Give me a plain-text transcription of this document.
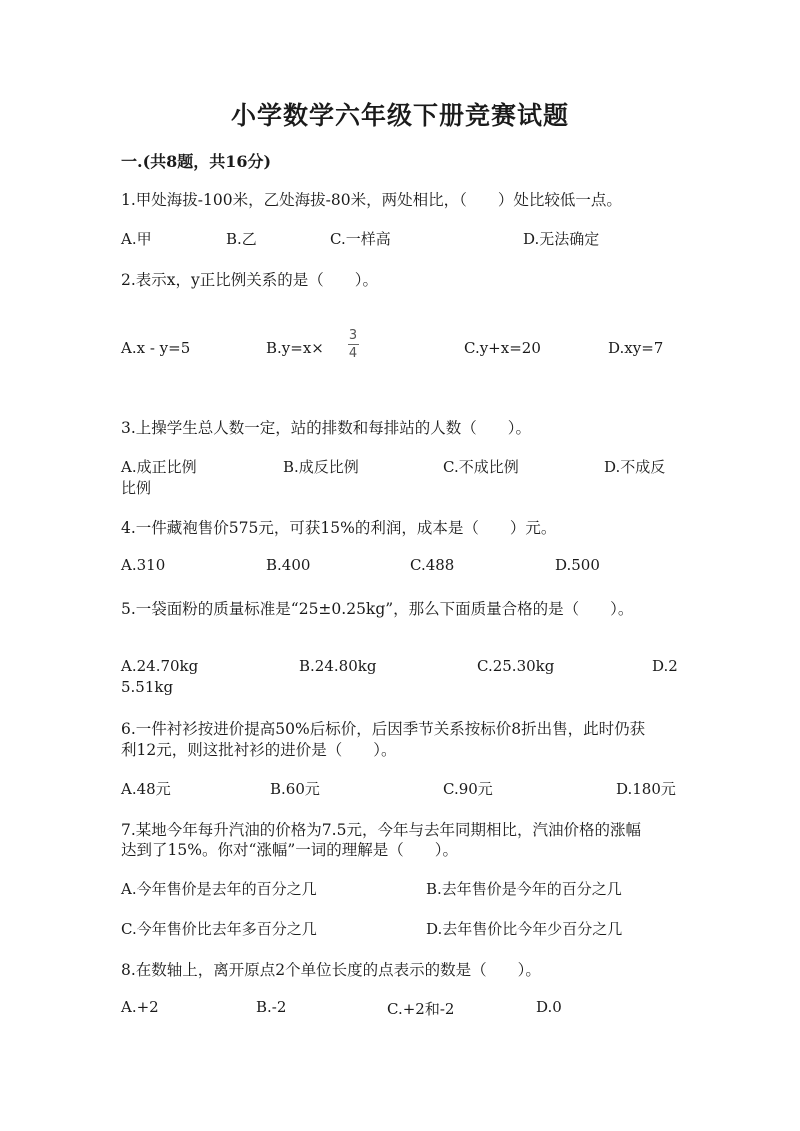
小学数学六年级下册竞赛试题
一.(共8题，共16分)
1.甲处海拔-100米，乙处海拔-80米，两处相比，（　　）处比较低一点。
A.甲	B.乙	C.一样高	D.无法确定
2.表示x，y正比例关系的是（　　）。
A.x - y=5	B.y=x×
3
4	C.y+x=20	D.xy=7
3.上操学生总人数一定，站的排数和每排站的人数（　　）。
A.成正比例	B.成反比例	C.不成比例	D.不成反
比例
4.一件藏袍售价575元，可获15%的利润，成本是（　　）元。
A.310	B.400	C.488	D.500
5.一袋面粉的质量标准是“25±0.25kg”，那么下面质量合格的是（　　）。
A.24.70kg	B.24.80kg	C.25.30kg	D.2
5.51kg
6.一件衬衫按进价提高50%后标价，后因季节关系按标价8折出售，此时仍获
利12元，则这批衬衫的进价是（　　）。
A.48元	B.60元	C.90元	D.180元
7.某地今年每升汽油的价格为7.5元，今年与去年同期相比，汽油价格的涨幅
达到了15%。你对“涨幅”一词的理解是（　　）。
A.今年售价是去年的百分之几	B.去年售价是今年的百分之几
C.今年售价比去年多百分之几	D.去年售价比今年少百分之几
8.在数轴上，离开原点2个单位长度的点表示的数是（　　）。
A.+2	B.-2	C.+2和-2	D.0
